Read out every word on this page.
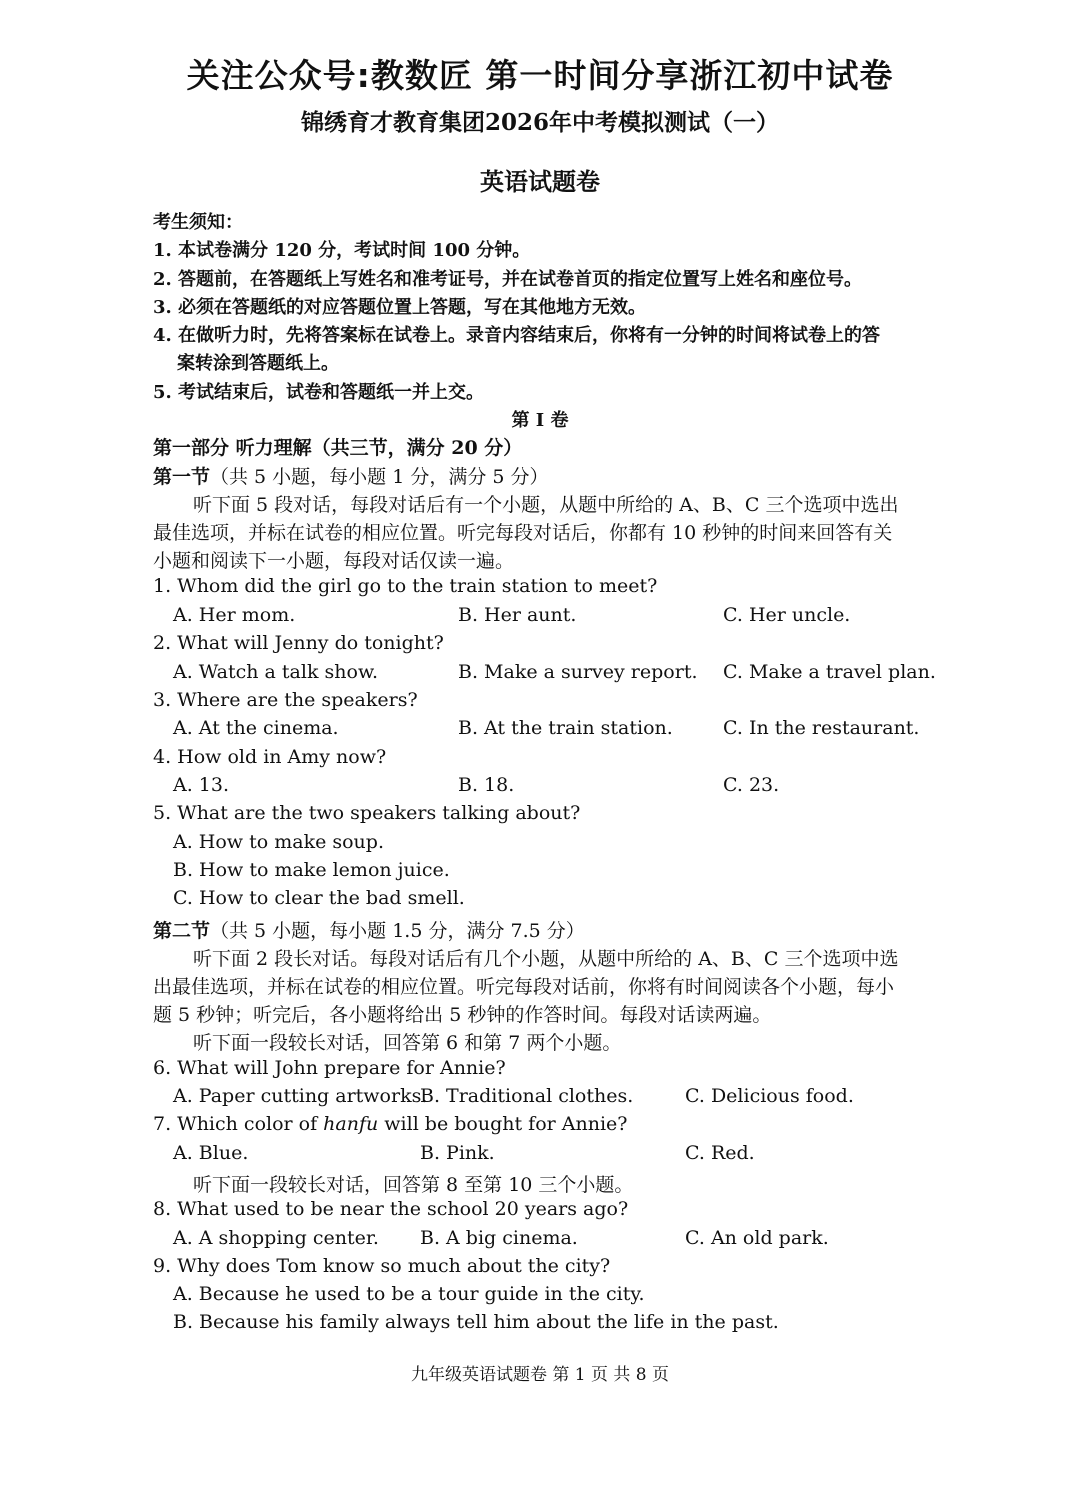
关注公众号:教数匠 第一时间分享浙江初中试卷
锦绣育才教育集团2026年中考模拟测试（一）
英语试题卷
考生须知：
1. 本试卷满分 120 分，考试时间 100 分钟。
2. 答题前，在答题纸上写姓名和准考证号，并在试卷首页的指定位置写上姓名和座位号。
3. 必须在答题纸的对应答题位置上答题，写在其他地方无效。
4. 在做听力时，先将答案标在试卷上。录音内容结束后，你将有一分钟的时间将试卷上的答
案转涂到答题纸上。
5. 考试结束后，试卷和答题纸一并上交。
第 I 卷
第一部分 听力理解（共三节，满分 20 分）
第一节（共 5 小题，每小题 1 分，满分 5 分）
听下面 5 段对话，每段对话后有一个小题，从题中所给的 A、B、C 三个选项中选出
最佳选项，并标在试卷的相应位置。听完每段对话后，你都有 10 秒钟的时间来回答有关
小题和阅读下一小题，每段对话仅读一遍。
1. Whom did the girl go to the train station to meet?
A. Her mom.	B. Her aunt.	C. Her uncle.
2. What will Jenny do tonight?
A. Watch a talk show.	B. Make a survey report. C. Make a travel plan.
3. Where are the speakers?
A. At the cinema.	B. At the train station.	C. In the restaurant.
4. How old in Amy now?
A. 13.	B. 18.	C. 23.
5. What are the two speakers talking about?
A. How to make soup.
B. How to make lemon juice.
C. How to clear the bad smell.
第二节（共 5 小题，每小题 1.5 分，满分 7.5 分）
听下面 2 段长对话。每段对话后有几个小题，从题中所给的 A、B、C 三个选项中选
出最佳选项，并标在试卷的相应位置。听完每段对话前，你将有时间阅读各个小题，每小
题 5 秒钟；听完后，各小题将给出 5 秒钟的作答时间。每段对话读两遍。
听下面一段较长对话，回答第 6 和第 7 两个小题。
6. What will John prepare for Annie?
A. Paper cutting artworks.
B. Traditional clothes.	C. Delicious food.
7. Which color of hanfu will be bought for Annie?
A. Blue.	B. Pink.	C. Red.
听下面一段较长对话，回答第 8 至第 10 三个小题。
8. What used to be near the school 20 years ago?
A. A shopping center. B. A big cinema.	C. An old park.
9. Why does Tom know so much about the city?
A. Because he used to be a tour guide in the city.
B. Because his family always tell him about the life in the past.
九年级英语试题卷 第 1 页 共 8 页
